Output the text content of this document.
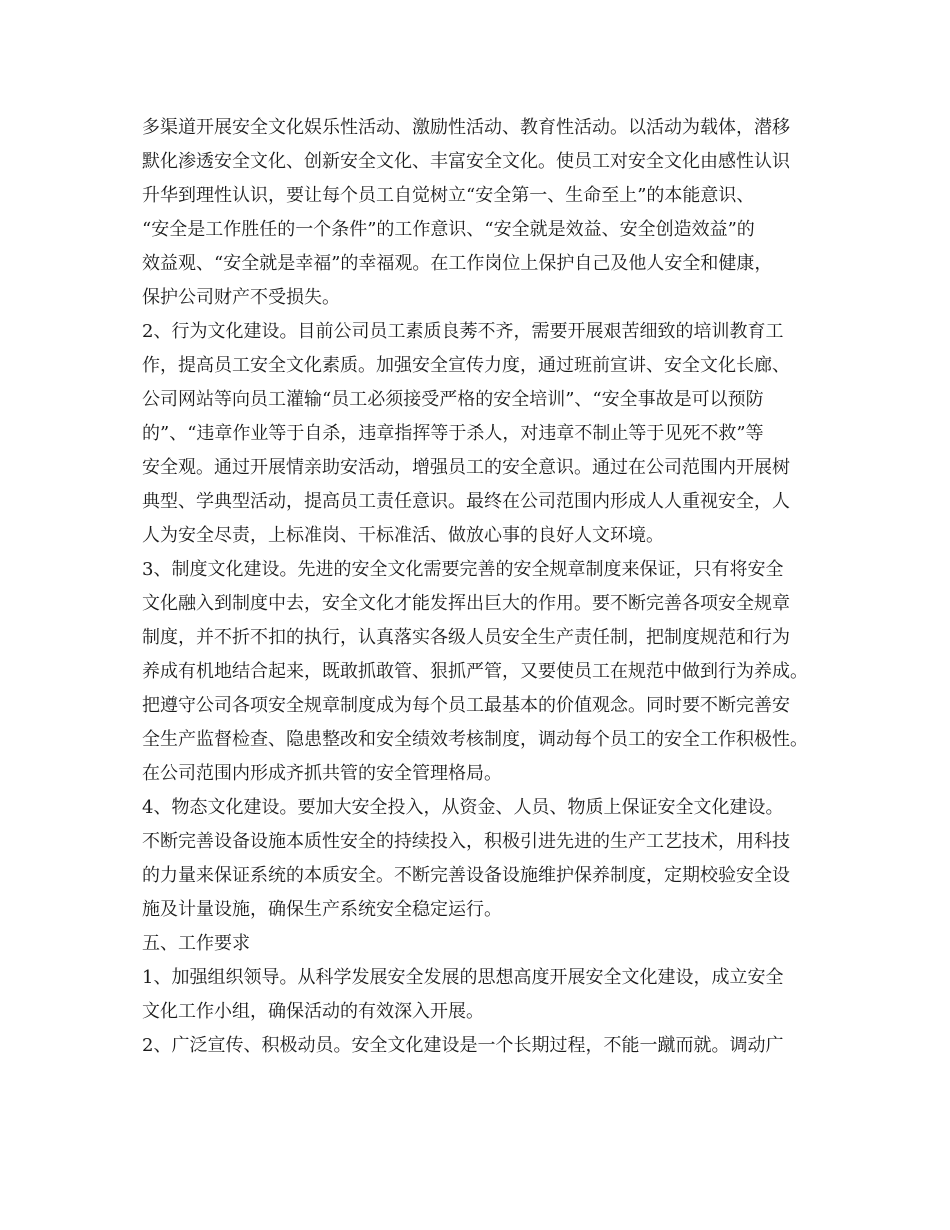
多渠道开展安全文化娱乐性活动、激励性活动、教育性活动。以活动为载体，潜移

默化渗透安全文化、创新安全文化、丰富安全文化。使员工对安全文化由感性认识

升华到理性认识，要让每个员工自觉树立“安全第一、生命至上”的本能意识、

“安全是工作胜任的一个条件”的工作意识、“安全就是效益、安全创造效益”的

效益观、“安全就是幸福”的幸福观。在工作岗位上保护自己及他人安全和健康，

保护公司财产不受损失。

2、行为文化建设。目前公司员工素质良莠不齐，需要开展艰苦细致的培训教育工

作，提高员工安全文化素质。加强安全宣传力度，通过班前宣讲、安全文化长廊、

公司网站等向员工灌输“员工必须接受严格的安全培训”、“安全事故是可以预防

的”、“违章作业等于自杀，违章指挥等于杀人，对违章不制止等于见死不救”等

安全观。通过开展情亲助安活动，增强员工的安全意识。通过在公司范围内开展树

典型、学典型活动，提高员工责任意识。最终在公司范围内形成人人重视安全，人

人为安全尽责，上标准岗、干标准活、做放心事的良好人文环境。

3、制度文化建设。先进的安全文化需要完善的安全规章制度来保证，只有将安全

文化融入到制度中去，安全文化才能发挥出巨大的作用。要不断完善各项安全规章

制度，并不折不扣的执行，认真落实各级人员安全生产责任制，把制度规范和行为

养成有机地结合起来，既敢抓敢管、狠抓严管，又要使员工在规范中做到行为养成。

把遵守公司各项安全规章制度成为每个员工最基本的价值观念。同时要不断完善安

全生产监督检查、隐患整改和安全绩效考核制度，调动每个员工的安全工作积极性。

在公司范围内形成齐抓共管的安全管理格局。

4、物态文化建设。要加大安全投入，从资金、人员、物质上保证安全文化建设。

不断完善设备设施本质性安全的持续投入，积极引进先进的生产工艺技术，用科技

的力量来保证系统的本质安全。不断完善设备设施维护保养制度，定期校验安全设

施及计量设施，确保生产系统安全稳定运行。

五、工作要求

1、加强组织领导。从科学发展安全发展的思想高度开展安全文化建设，成立安全

文化工作小组，确保活动的有效深入开展。

2、广泛宣传、积极动员。安全文化建设是一个长期过程，不能一蹴而就。调动广
